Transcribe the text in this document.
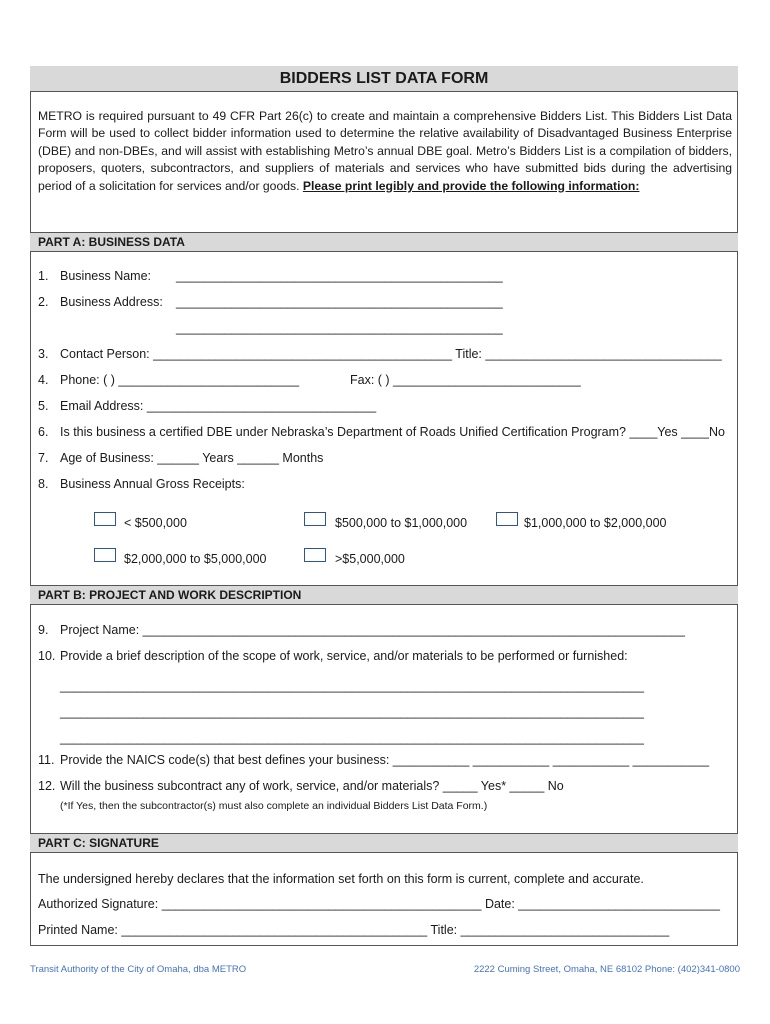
BIDDERS LIST DATA FORM
METRO is required pursuant to 49 CFR Part 26(c) to create and maintain a comprehensive Bidders List. This Bidders List Data Form will be used to collect bidder information used to determine the relative availability of Disadvantaged Business Enterprise (DBE) and non-DBEs, and will assist with establishing Metro’s annual DBE goal. Metro’s Bidders List is a compilation of bidders, proposers, quoters, subcontractors, and suppliers of materials and services who have submitted bids during the advertising period of a solicitation for services and/or goods. Please print legibly and provide the following information:
PART A: BUSINESS DATA
1. Business Name: _______________________________________________
2. Business Address: _______________________________________________
_______________________________________________
3. Contact Person: ___________________________________________ Title: __________________________________
4. Phone: ( ) __________________________	Fax: ( ) ___________________________
5. Email Address: _________________________________
6. Is this business a certified DBE under Nebraska’s Department of Roads Unified Certification Program? ____Yes ____No
7. Age of Business: ______ Years ______ Months
8. Business Annual Gross Receipts:
< $500,000	$500,000 to $1,000,000	$1,000,000 to $2,000,000
$2,000,000 to $5,000,000	>$5,000,000
PART B: PROJECT AND WORK DESCRIPTION
9. Project Name: ______________________________________________________________________________
10. Provide a brief description of the scope of work, service, and/or materials to be performed or furnished:
____________________________________________________________________________________
____________________________________________________________________________________
____________________________________________________________________________________
11. Provide the NAICS code(s) that best defines your business: ___________ ___________ ___________ ___________
12. Will the business subcontract any of work, service, and/or materials? _____ Yes* _____ No
(*If Yes, then the subcontractor(s) must also complete an individual Bidders List Data Form.)
PART C: SIGNATURE
The undersigned hereby declares that the information set forth on this form is current, complete and accurate.
Authorized Signature: ______________________________________________ Date: _____________________________
Printed Name: ____________________________________________ Title: ______________________________
Transit Authority of the City of Omaha, dba METRO	2222 Cuming Street, Omaha, NE 68102 Phone: (402)341-0800
